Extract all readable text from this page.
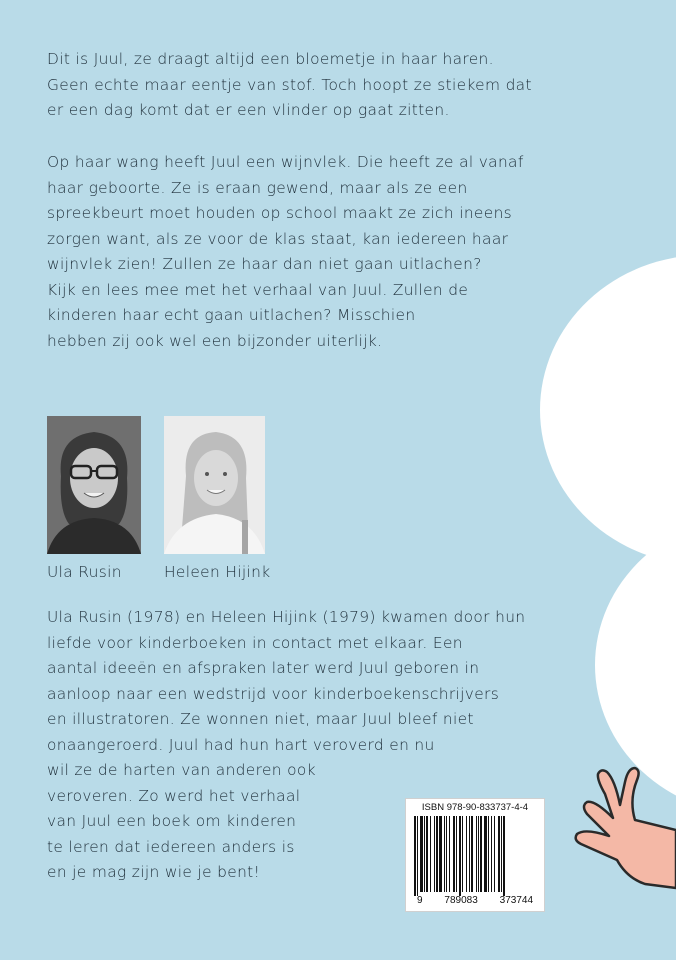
Dit is Juul, ze draagt altijd een bloemetje in haar haren.
Geen echte maar eentje van stof. Toch hoopt ze stiekem dat
er een dag komt dat er een vlinder op gaat zitten.

Op haar wang heeft Juul een wijnvlek. Die heeft ze al vanaf
haar geboorte. Ze is eraan gewend, maar als ze een
spreekbeurt moet houden op school maakt ze zich ineens
zorgen want, als ze voor de klas staat, kan iedereen haar
wijnvlek zien! Zullen ze haar dan niet gaan uitlachen?
Kijk en lees mee met het verhaal van Juul. Zullen de
kinderen haar echt gaan uitlachen? Misschien
hebben zij ook wel een bijzonder uiterlijk.

Ula Rusin	Heleen Hijink

Ula Rusin (1978) en Heleen Hijink (1979) kwamen door hun
liefde voor kinderboeken in contact met elkaar. Een
aantal ideeën en afspraken later werd Juul geboren in
aanloop naar een wedstrijd voor kinderboekenschrijvers
en illustratoren. Ze wonnen niet, maar Juul bleef niet
onaangeroerd. Juul had hun hart veroverd en nu
wil ze de harten van anderen ook
veroveren. Zo werd het verhaal
van Juul een boek om kinderen
te leren dat iedereen anders is
en je mag zijn wie je bent!

ISBN 978-90-833737-4-4
9 789083 373744
